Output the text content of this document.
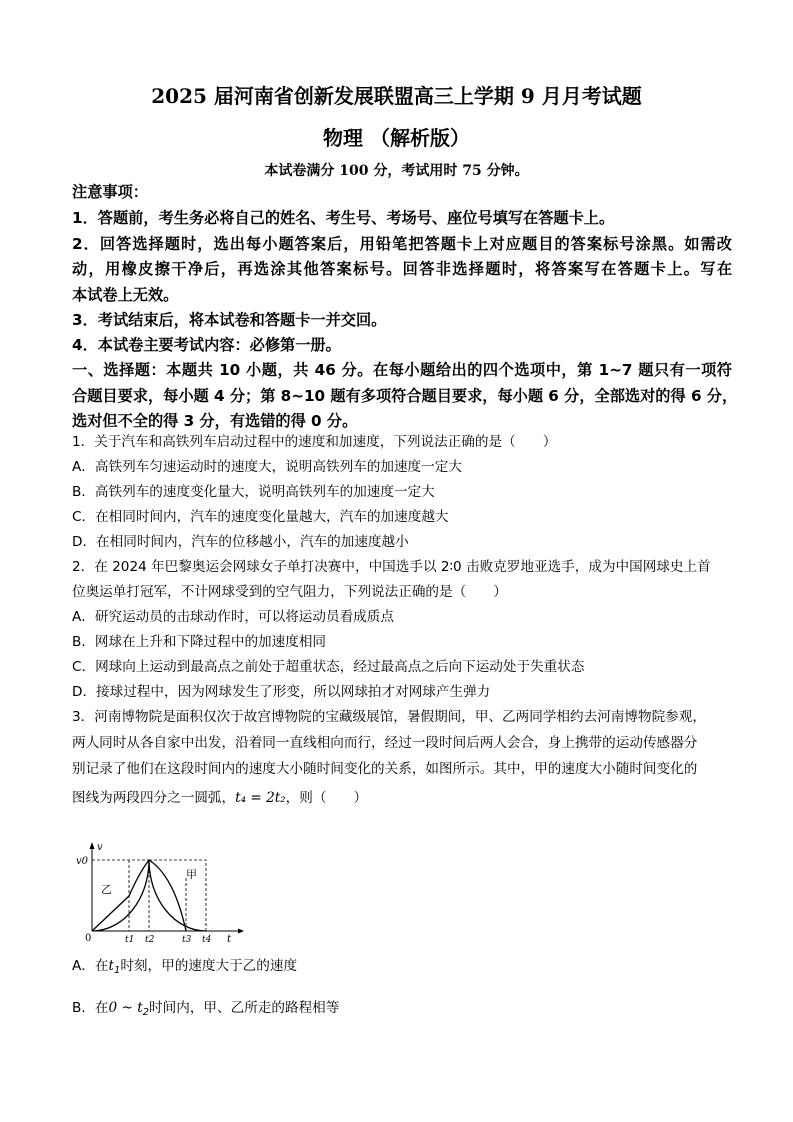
2025 届河南省创新发展联盟高三上学期 9 月月考试题
物理 （解析版）
本试卷满分 100 分，考试用时 75 分钟。
注意事项：
1．答题前，考生务必将自己的姓名、考生号、考场号、座位号填写在答题卡上。
2．回答选择题时，选出每小题答案后，用铅笔把答题卡上对应题目的答案标号涂黑。如需改
动，用橡皮擦干净后，再选涂其他答案标号。回答非选择题时，将答案写在答题卡上。写在
本试卷上无效。
3．考试结束后，将本试卷和答题卡一并交回。
4．本试卷主要考试内容：必修第一册。
一、选择题：本题共 10 小题，共 46 分。在每小题给出的四个选项中，第 1~7 题只有一项符
合题目要求，每小题 4 分；第 8~10 题有多项符合题目要求，每小题 6 分，全部选对的得 6 分，
选对但不全的得 3 分，有选错的得 0 分。
1．关于汽车和高铁列车启动过程中的速度和加速度，下列说法正确的是（　　）
A．高铁列车匀速运动时的速度大，说明高铁列车的加速度一定大
B．高铁列车的速度变化量大，说明高铁列车的加速度一定大
C．在相同时间内，汽车的速度变化量越大，汽车的加速度越大
D．在相同时间内，汽车的位移越小，汽车的加速度越小
2．在 2024 年巴黎奥运会网球女子单打决赛中，中国选手以 2∶0 击败克罗地亚选手，成为中国网球史上首
位奥运单打冠军，不计网球受到的空气阻力，下列说法正确的是（　　）
A．研究运动员的击球动作时，可以将运动员看成质点
B．网球在上升和下降过程中的加速度相同
C．网球向上运动到最高点之前处于超重状态，经过最高点之后向下运动处于失重状态
D．接球过程中，因为网球发生了形变，所以网球拍才对网球产生弹力
3．河南博物院是面积仅次于故宫博物院的宝藏级展馆，暑假期间，甲、乙两同学相约去河南博物院参观，
两人同时从各自家中出发，沿着同一直线相向而行，经过一段时间后两人会合，身上携带的运动传感器分
别记录了他们在这段时间内的速度大小随时间变化的关系，如图所示。其中，甲的速度大小随时间变化的
图线为两段四分之一圆弧，t₄ = 2t₂，则（　　）
v
t
v0
0
乙
甲
t1 t2	t3 t4
A．在$t_1$时刻，甲的速度大于乙的速度
B．在0 ~ $t_2$时间内，甲、乙所走的路程相等
